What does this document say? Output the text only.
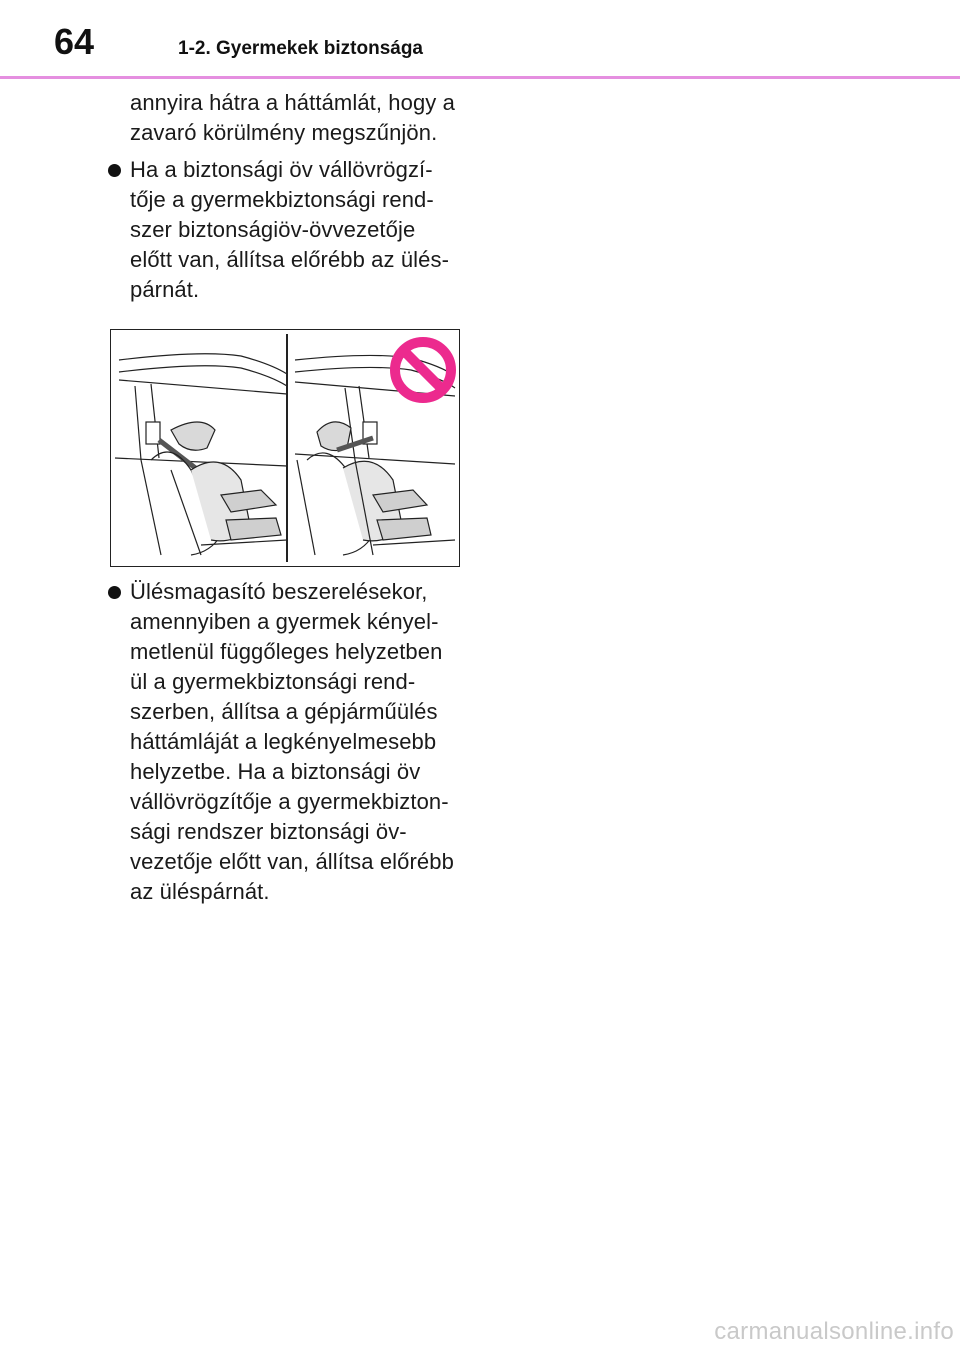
64	1-2. Gyermekek biztonsága

annyira hátra a háttámlát, hogy a
zavaró körülmény megszűnjön.

Ha a biztonsági öv vállövrögzí-
tője a gyermekbiztonsági rend-
szer biztonságiöv-övvezetője
előtt van, állítsa előrébb az ülés-
párnát.
Ülésmagasító beszerelésekor,
amennyiben a gyermek kényel-
metlenül függőleges helyzetben
ül a gyermekbiztonsági rend-
szerben, állítsa a gépjárműülés
háttámláját a legkényelmesebb
helyzetbe. Ha a biztonsági öv
vállövrögzítője a gyermekbizton-
sági rendszer biztonsági öv-
vezetője előtt van, állítsa előrébb
az üléspárnát.
carmanualsonline.info
